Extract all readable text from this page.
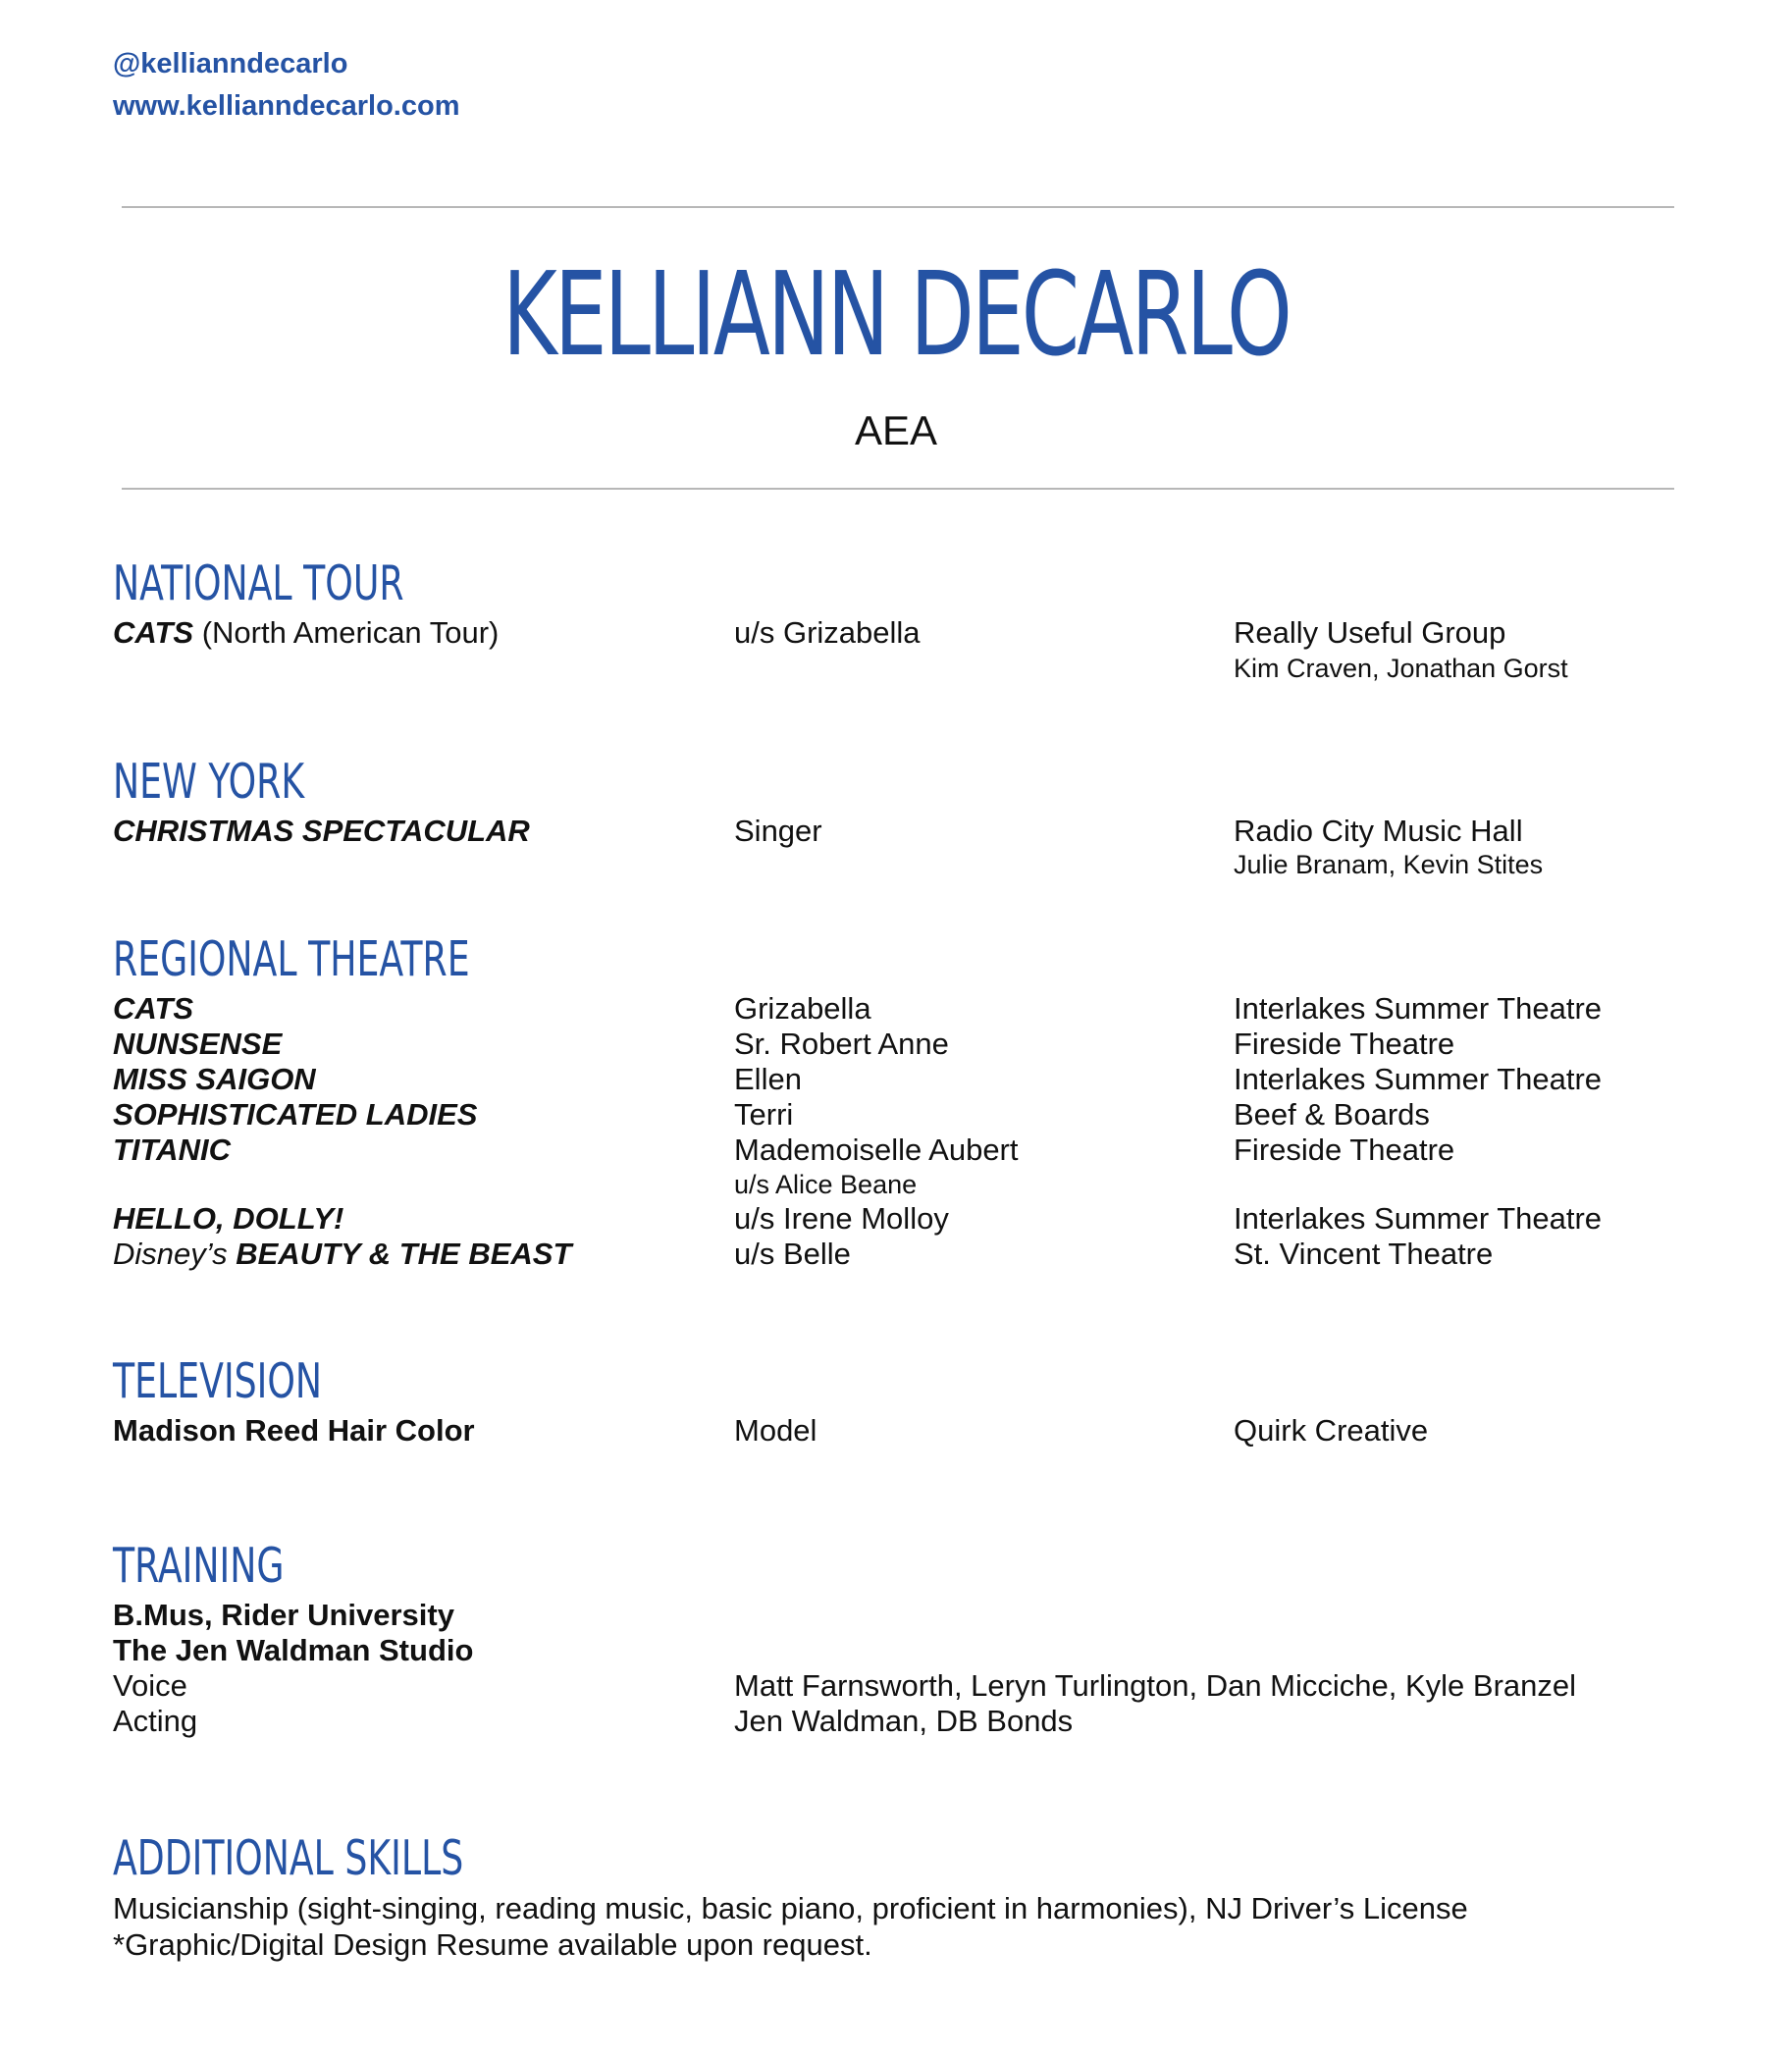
@kellianndecarlo
www.kellianndecarlo.com
KELLIANN DECARLO
AEA
NATIONAL TOUR
CATS (North American Tour)	u/s Grizabella	Really Useful Group
Kim Craven, Jonathan Gorst
NEW YORK
CHRISTMAS SPECTACULAR	Singer	Radio City Music Hall
Julie Branam, Kevin Stites
REGIONAL THEATRE
CATS	Grizabella	Interlakes Summer Theatre
NUNSENSE	Sr. Robert Anne	Fireside Theatre
MISS SAIGON	Ellen	Interlakes Summer Theatre
SOPHISTICATED LADIES	Terri	Beef & Boards
TITANIC	Mademoiselle Aubert	Fireside Theatre
u/s Alice Beane
HELLO, DOLLY!	u/s Irene Molloy	Interlakes Summer Theatre
Disney’s BEAUTY & THE BEAST	u/s Belle	St. Vincent Theatre
TELEVISION
Madison Reed Hair Color	Model	Quirk Creative
TRAINING
B.Mus, Rider University
The Jen Waldman Studio
Voice	Matt Farnsworth, Leryn Turlington, Dan Micciche, Kyle Branzel
Acting	Jen Waldman, DB Bonds
ADDITIONAL SKILLS
Musicianship (sight-singing, reading music, basic piano, proficient in harmonies), NJ Driver’s License
*Graphic/Digital Design Resume available upon request.
